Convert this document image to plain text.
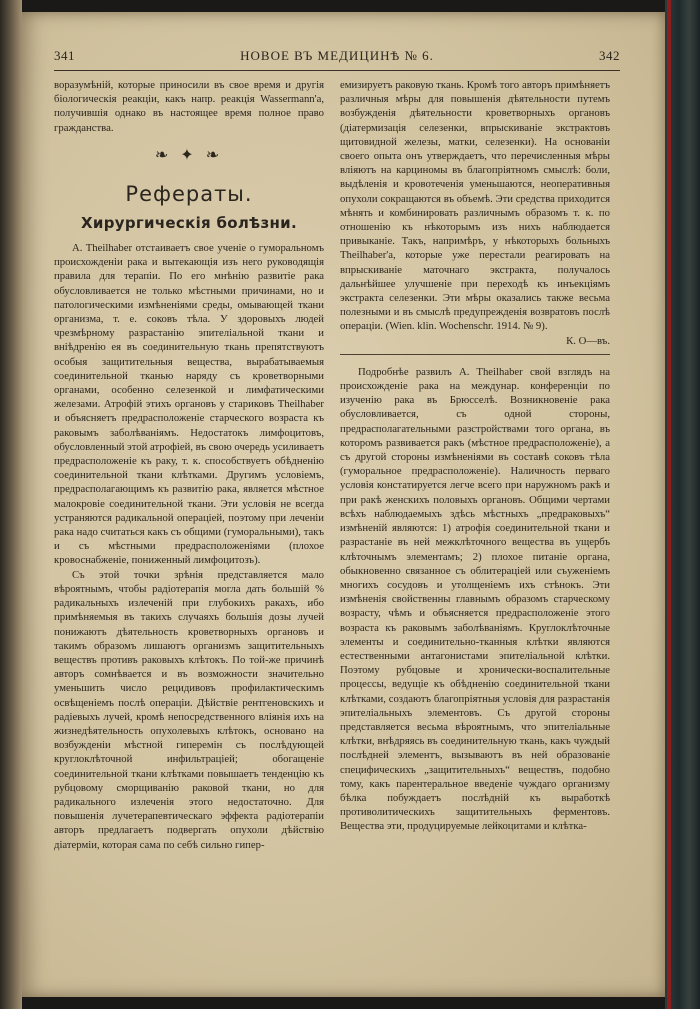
341	НОВОЕ ВЪ МЕДИЦИНѢ № 6.	342

воразумѣній, которые приносили въ свое время и другія біологическія реакціи, какъ напр. реакція Wassermann'а, получившія однако въ настоящее время полное право гражданства.

❧ ✦ ❧
Рефераты.
Хирургическія болѣзни.

A. Theilhaber отстаиваетъ свое ученіе о гуморальномъ происхожденіи рака и вытекающія изъ него руководящія правила для терапіи. По его мнѣнію развитіе рака обусловливается не только мѣстными причинами, но и патологическими измѣненіями среды, омывающей ткани организма, т. е. соковъ тѣла. У здоровыхъ людей чрезмѣрному разрастанію эпителіальной ткани и вніѣдренію ея въ соединительную ткань препятствуютъ особыя защитительныя вещества, вырабатываемыя соединительной тканью наряду съ кроветворными органами, особенно селезенкой и лимфатическими железами. Атрофій этихъ органовъ у стариковъ Theilhaber и объясняетъ предрасположеніе старческого возраста къ раковымъ заболѣваніямъ. Недостатокъ лимфоцитовъ, обусловленный этой атрофіей, въ свою очередь усиливаетъ предрасположеніе къ раку, т. к. способствуетъ обѣдненію соединительной ткани клѣтками. Другимъ условіемъ, предрасполагающимъ къ развитію рака, является мѣстное малокровіе соединительной ткани. Эти условія не всегда устраняются радикальной операціей, поэтому при леченіи рака надо считаться какъ съ общими (гуморальными), такъ и съ мѣстными предрасположеніями (плохое кровоснабженіе, пониженный лимфоцитозъ).

Съ этой точки зрѣнія представляется мало вѣроятнымъ, чтобы радіотерапія могла дать большій % радикальныхъ излеченій при глубокихъ ракахъ, ибо примѣняемыя въ такихъ случаяхъ большія дозы лучей понижаютъ дѣятельность кроветворныхъ органовъ и такимъ образомъ лишаютъ организмъ защитительныхъ веществъ противъ раковыхъ клѣтокъ. По той-же причинѣ авторъ сомнѣвается и въ возможности значительно уменьшить число рецидивовъ профилактическимъ освѣщеніемъ послѣ операціи. Дѣйствіе рентгеновскихъ и радіевыхъ лучей, кромѣ непосредственного вліянія ихъ на жизнедѣятельность опухолевыхъ клѣтокъ, основано на возбужденіи мѣстной гиперемін съ послѣдующей круглоклѣточной инфильтраціей; обогащеніе соединительной ткани клѣтками повышаетъ тенденцію къ рубцовому сморщиванію раковой ткани, но для радикального излеченія этого недостаточно. Для повышенія лучетерапевтическаго эффекта радіотерапіи авторъ предлагаетъ подвергать опухоли дѣйствію діатерміи, которая сама по себѣ сильно гипер-

емизируетъ раковую ткань. Кромѣ того авторъ примѣняетъ различныя мѣры для повышенія дѣятельности путемъ возбужденія дѣятельности кроветворныхъ органовъ (діатермизація селезенки, впрыскиваніе экстрактовъ щитовидной железы, матки, селезенки). На основаніи своего опыта онъ утверждаетъ, что перечисленныя мѣры вліяютъ на карциномы въ благопріятномъ смыслѣ: боли, выдѣленія и кровотеченія уменьшаются, неоперативныя опухоли сокращаются въ объемѣ. Эти средства приходится мѣнять и комбинировать различнымъ образомъ т. к. по отношенію къ нѣкоторымъ изъ нихъ наблюдается привыканіе. Такъ, напримѣръ, у нѣкоторыхъ больныхъ Theilhaber'а, которые уже перестали реагировать на впрыскиваніе маточнаго экстракта, получалось дальнѣйшее улучшеніе при переходѣ къ инъекціямъ экстракта селезенки. Эти мѣры оказались также весьма полезными и въ смыслѣ предупрежденія возвратовъ послѣ операціи. (Wien. klin. Wochenschr. 1914. № 9).

К. О—въ.

Подробнѣе развилъ A. Theilhaber свой взглядъ на происхожденіе рака на междунар. конференціи по изученію рака въ Брюсселѣ. Возникновеніе рака обусловливается, съ одной стороны, предрасполагательными разстройствами того органа, въ которомъ развивается ракъ (мѣстное предрасположеніе), а съ другой стороны измѣненіями въ составѣ соковъ тѣла (гуморальное предрасположеніе). Наличность перваго условія констатируется легче всего при наружномъ ракѣ и при ракѣ женскихъ половыхъ органовъ. Общими чертами всѣхъ наблюдаемыхъ здѣсь мѣстныхъ „предраковыхъ“ измѣненій являются: 1) атрофія соединительной ткани и разрастаніе въ ней межклѣточного вещества въ ущербъ клѣточнымъ элементамъ; 2) плохое питаніе органа, обыкновенно связанное съ облитераціей или съуженіемъ многихъ сосудовъ и утолщеніемъ ихъ стѣнокъ. Эти измѣненія свойственны главнымъ образомъ старческому возрасту, чѣмъ и объясняется предрасположеніе этого возраста къ раковымъ заболѣваніямъ. Круглоклѣточные элементы и соединительно-тканныя клѣтки являются естественными антагонистами эпителіальной клѣтки. Поэтому рубцовые и хронически-воспалительные процессы, ведущіе къ обѣдненію соединительной ткани клѣтками, создаютъ благопріятныя условія для разрастанія эпителіальныхъ элементовъ. Съ другой стороны представляется весьма вѣроятнымъ, что эпителіальные клѣтки, внѣдряясь въ соединительную ткань, какъ чуждый послѣдней элементъ, вызываютъ въ ней образованіе специфическихъ „защитительныхъ“ веществъ, подобно тому, какъ парентеральное введеніе чуждаго организму бѣлка побуждаетъ послѣдній къ выработкѣ противолитическихъ защитительныхъ ферментовъ. Вещества эти, продуцируемые лейкоцитами и клѣтка-
